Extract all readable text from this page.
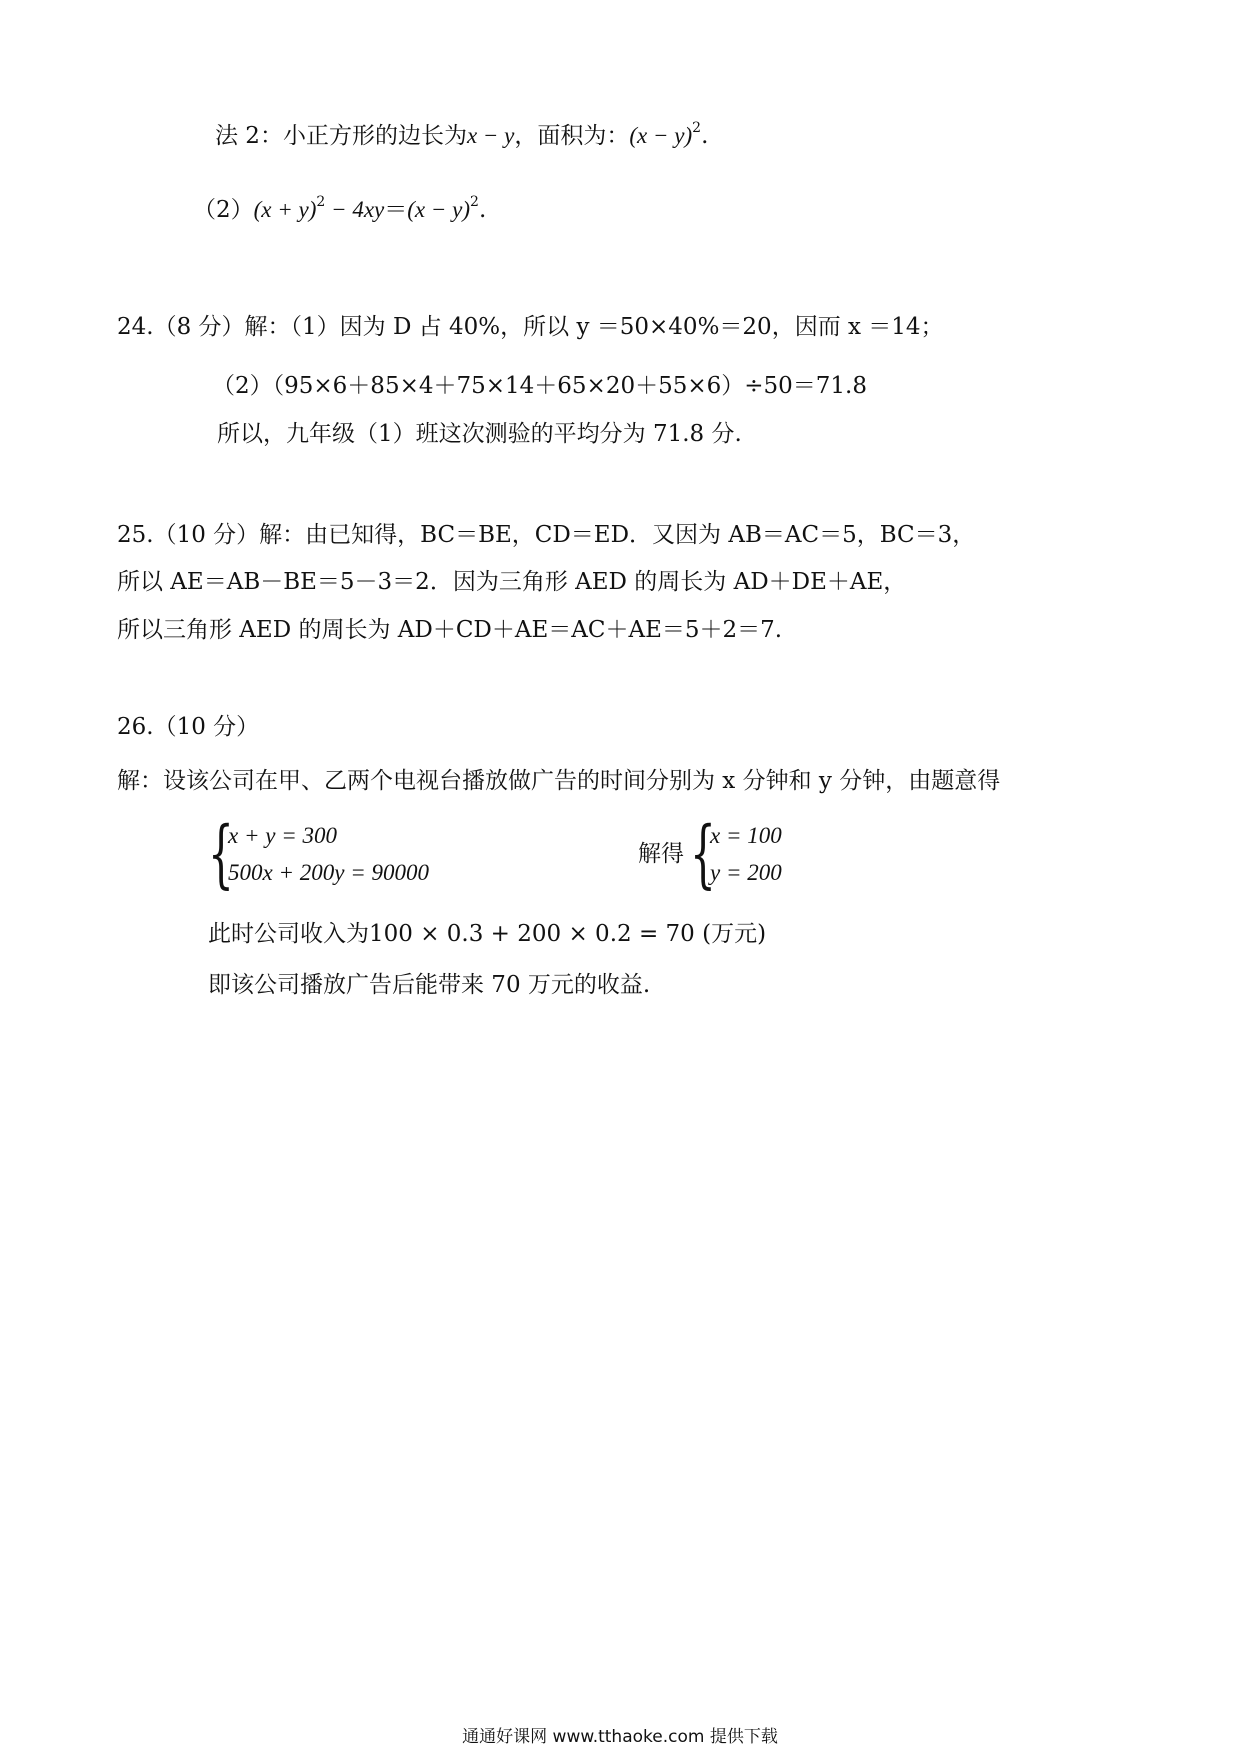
法 2：小正方形的边长为x − y，面积为：$(x - y)^2$.
$(2)(x + y)^2 - 4xy=(x - y)^2$.
24.（8 分）解：（1）因为 D 占 40%，所以 y ＝50×40%＝20，因而 x ＝14；
（2）（95×6＋85×4＋75×14＋65×20＋55×6）÷50＝71.8
所以，九年级（1）班这次测验的平均分为 71.8 分.
25.（10 分）解：由已知得，BC＝BE，CD＝ED．又因为 AB＝AC＝5，BC＝3，
所以 AE＝AB－BE＝5－3＝2．因为三角形 AED 的周长为 AD＋DE＋AE，
所以三角形 AED 的周长为 AD＋CD＋AE＝AC＋AE＝5＋2＝7.
26.（10 分）
解：设该公司在甲、乙两个电视台播放做广告的时间分别为 x 分钟和 y 分钟，由题意得
{
x + y = 300
500x + 200y = 90000
解得 {
x = 100
y = 200
此时公司收入为100 × 0.3 + 200 × 0.2 = 70 (万元)
即该公司播放广告后能带来 70 万元的收益.
通通好课网 www.tthaoke.com 提供下载
